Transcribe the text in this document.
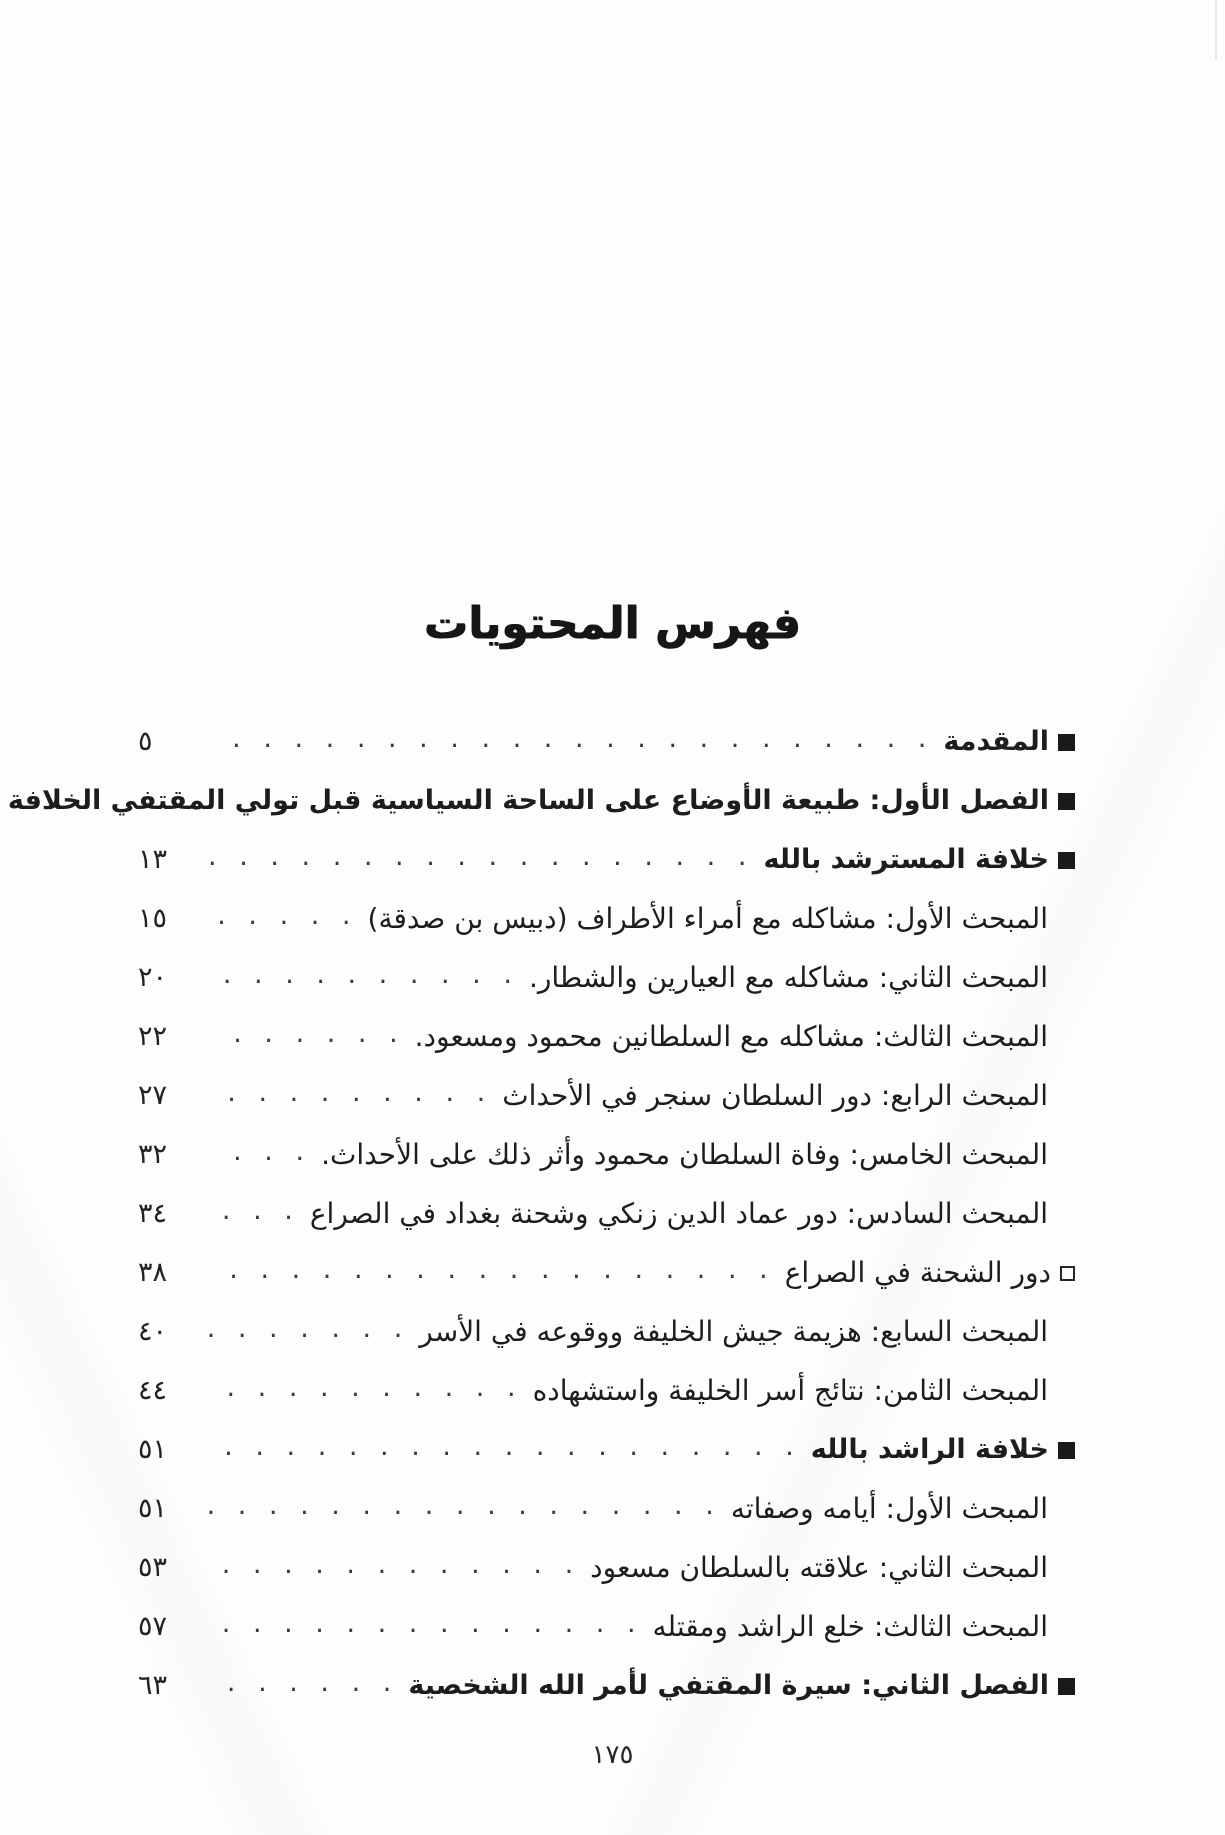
فهرس المحتويات
المقدمة
. . .
٥
الفصل الأول: طبيعة الأوضاع على الساحة السياسية قبل تولي المقتفي الخلافة
خلافة المسترشد بالله
. . .
١٣
المبحث الأول: مشاكله مع أمراء الأطراف (دبيس بن صدقة)
. . .
١٥
المبحث الثاني: مشاكله مع العيارين والشطار.
. . .
٢٠
المبحث الثالث: مشاكله مع السلطانين محمود ومسعود.
. . .
٢٢
المبحث الرابع: دور السلطان سنجر في الأحداث
. . .
٢٧
المبحث الخامس: وفاة السلطان محمود وأثر ذلك على الأحداث.
. . .
٣٢
المبحث السادس: دور عماد الدين زنكي وشحنة بغداد في الصراع
. . .
٣٤
دور الشحنة في الصراع
. . .
٣٨
المبحث السابع: هزيمة جيش الخليفة ووقوعه في الأسر
. . .
٤٠
المبحث الثامن: نتائج أسر الخليفة واستشهاده
. . .
٤٤
خلافة الراشد بالله
. . .
٥١
المبحث الأول: أيامه وصفاته
. . .
٥١
المبحث الثاني: علاقته بالسلطان مسعود
. . .
٥٣
المبحث الثالث: خلع الراشد ومقتله
. . .
٥٧
الفصل الثاني: سيرة المقتفي لأمر الله الشخصية
. . .
٦٣
١٧٥
